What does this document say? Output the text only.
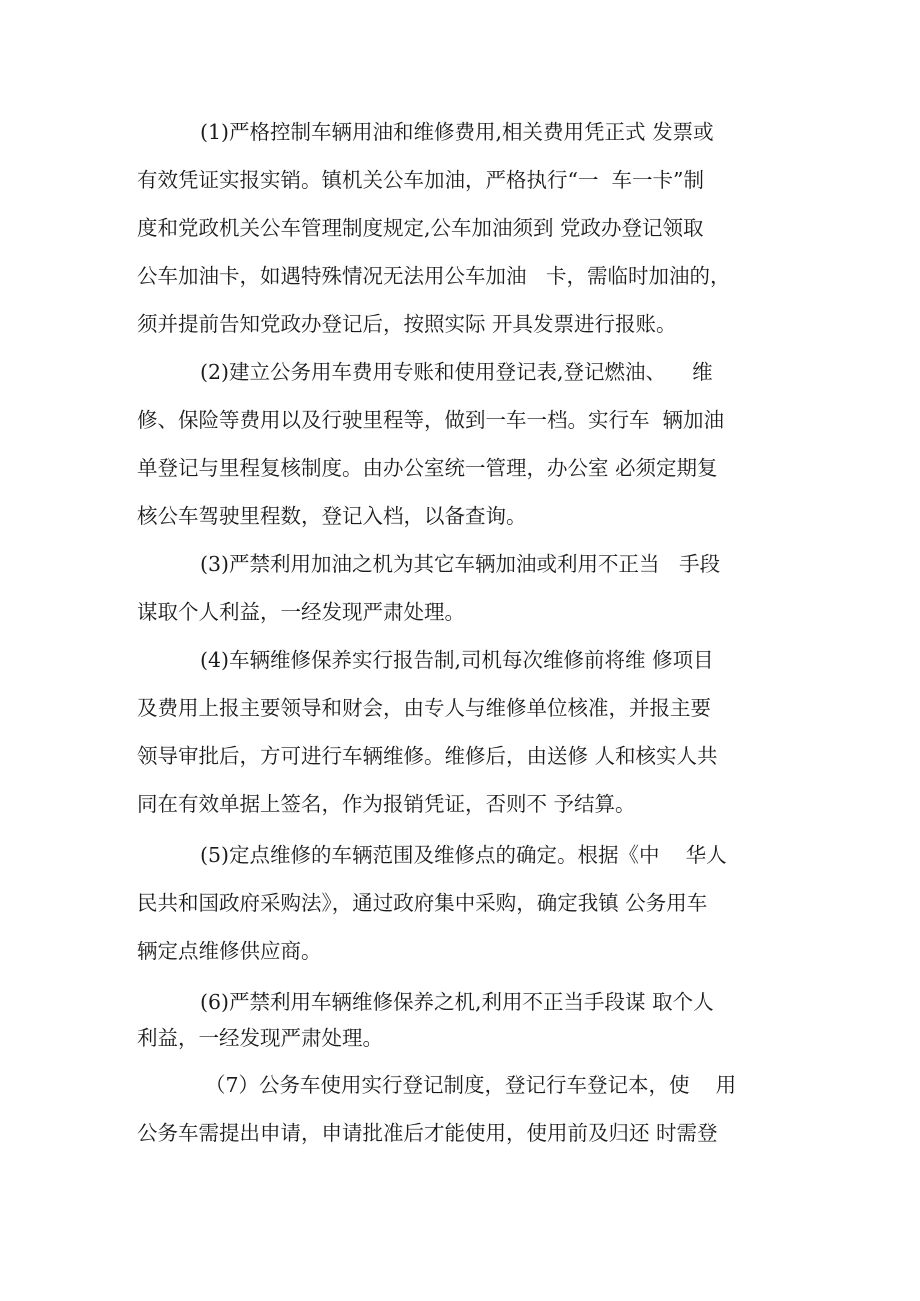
(1)严格控制车辆用油和维修费用,相关费用凭正式 发票或

有效凭证实报实销。镇机关公车加油，严格执行“一  车一卡”制

度和党政机关公车管理制度规定,公车加油须到 党政办登记领取

公车加油卡，如遇特殊情况无法用公车加油   卡，需临时加油的，

须并提前告知党政办登记后，按照实际 开具发票进行报账。

(2)建立公务用车费用专账和使用登记表,登记燃油、    维

修、保险等费用以及行驶里程等，做到一车一档。实行车  辆加油

单登记与里程复核制度。由办公室统一管理，办公室 必须定期复

核公车驾驶里程数，登记入档，以备查询。

(3)严禁利用加油之机为其它车辆加油或利用不正当   手段

谋取个人利益，一经发现严肃处理。

(4)车辆维修保养实行报告制,司机每次维修前将维 修项目

及费用上报主要领导和财会，由专人与维修单位核准，并报主要

领导审批后，方可进行车辆维修。维修后，由送修 人和核实人共

同在有效单据上签名，作为报销凭证，否则不 予结算。

(5)定点维修的车辆范围及维修点的确定。根据《中    华人

民共和国政府采购法》，通过政府集中采购，确定我镇 公务用车

辆定点维修供应商。

(6)严禁利用车辆维修保养之机,利用不正当手段谋 取个人

利益，一经发现严肃处理。

（7）公务车使用实行登记制度，登记行车登记本，使    用

公务车需提出申请，申请批准后才能使用，使用前及归还 时需登
